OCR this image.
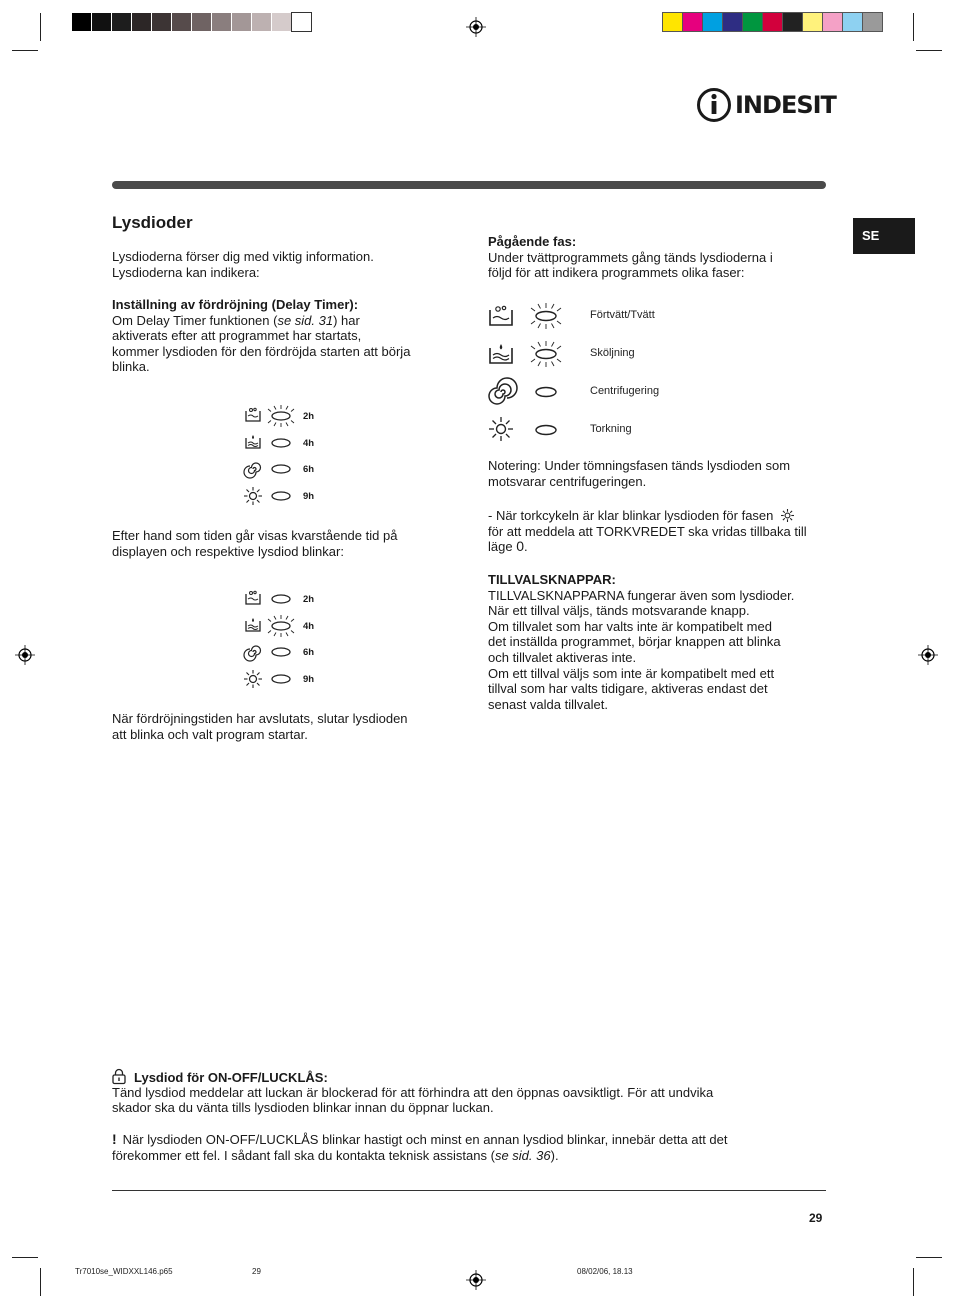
INDESIT
SE
Lysdioder
Lysdioderna förser dig med viktig information.
Lysdioderna kan indikera:
Inställning av fördröjning (Delay Timer):
Om Delay Timer funktionen (se sid. 31) har
aktiverats efter att programmet har startats,
kommer lysdioden för den fördröjda starten att börja
blinka.
2h
4h
6h
9h
Efter hand som tiden går visas kvarstående tid på
displayen och respektive lysdiod blinkar:
2h
4h
6h
9h
När fördröjningstiden har avslutats, slutar lysdioden
att blinka och valt program startar.
Pågående fas:
Under tvättprogrammets gång tänds lysdioderna i
följd för att indikera programmets olika faser:
Förtvätt/Tvätt
Sköljning
Centrifugering
Torkning
Notering: Under tömningsfasen tänds lysdioden som
motsvarar centrifugeringen.
- När torkcykeln är klar blinkar lysdioden för fasen
för att meddela att TORKVREDET ska vridas tillbaka till
läge 0.
TILLVALSKNAPPAR:
TILLVALSKNAPPARNA fungerar även som lysdioder.
När ett tillval väljs, tänds motsvarande knapp.
Om tillvalet som har valts inte är kompatibelt med
det inställda programmet, börjar knappen att blinka
och tillvalet aktiveras inte.
Om ett tillval väljs som inte är kompatibelt med ett
tillval som har valts tidigare, aktiveras endast det
senast valda tillvalet.
Lysdiod för ON-OFF/LUCKLÅS:
Tänd lysdiod meddelar att luckan är blockerad för att förhindra att den öppnas oavsiktligt. För att undvika
skador ska du vänta tills lysdioden blinkar innan du öppnar luckan.
! När lysdioden ON-OFF/LUCKLÅS blinkar hastigt och minst en annan lysdiod blinkar, innebär detta att det
förekommer ett fel. I sådant fall ska du kontakta teknisk assistans (se sid. 36).
29
Tr7010se_WIDXXL146.p65	29	08/02/06, 18.13
